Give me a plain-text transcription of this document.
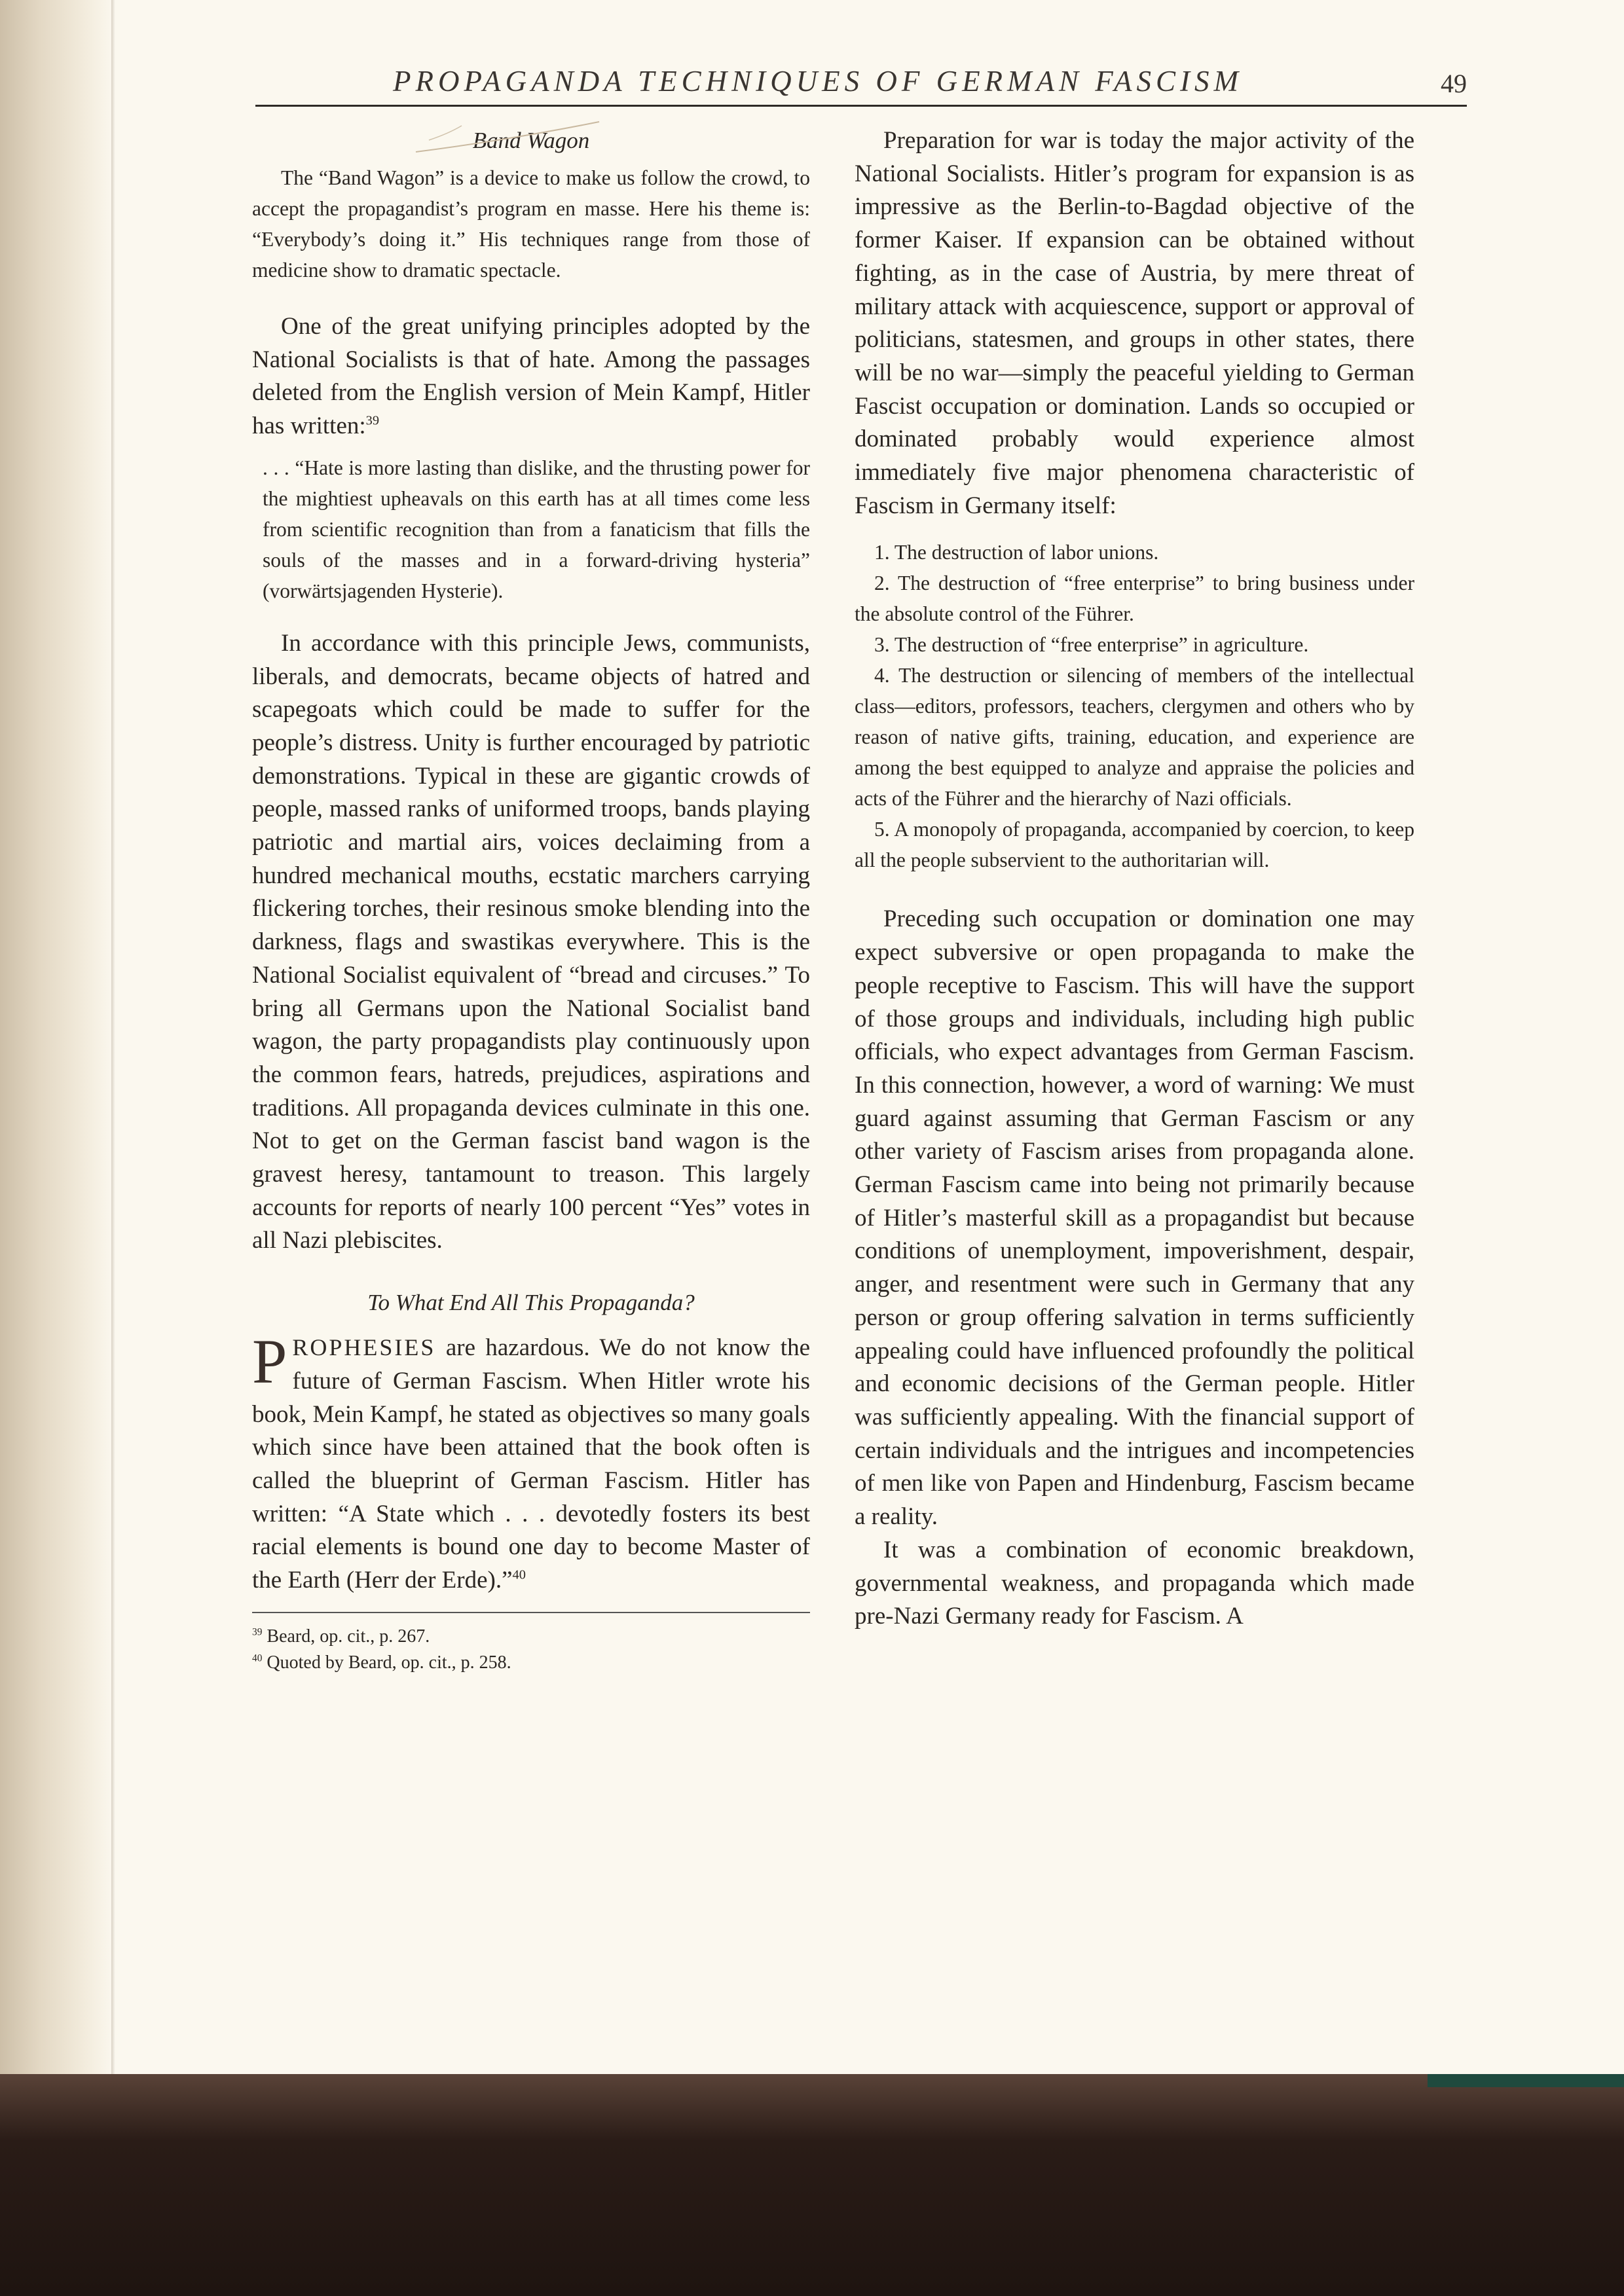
PROPAGANDA TECHNIQUES OF GERMAN FASCISM	49
Band Wagon

The “Band Wagon” is a device to make us follow the crowd, to accept the propagandist’s program en masse. Here his theme is: “Everybody’s doing it.” His techniques range from those of medicine show to dramatic spectacle.

One of the great unifying principles adopted by the National Socialists is that of hate. Among the passages deleted from the English version of Mein Kampf, Hitler has written:$^{39}$

. . . “Hate is more lasting than dislike, and the thrusting power for the mightiest upheavals on this earth has at all times come less from scientific recognition than from a fanaticism that fills the souls of the masses and in a forward-driving hysteria” (vorwärtsjagenden Hysterie).

In accordance with this principle Jews, communists, liberals, and democrats, became objects of hatred and scapegoats which could be made to suffer for the people’s distress. Unity is further encouraged by patriotic demonstrations. Typical in these are gigantic crowds of people, massed ranks of uniformed troops, bands playing patriotic and martial airs, voices declaiming from a hundred mechanical mouths, ecstatic marchers carrying flickering torches, their resinous smoke blending into the darkness, flags and swastikas everywhere. This is the National Socialist equivalent of “bread and circuses.” To bring all Germans upon the National Socialist band wagon, the party propagandists play continuously upon the common fears, hatreds, prejudices, aspirations and traditions. All propaganda devices culminate in this one. Not to get on the German fascist band wagon is the gravest heresy, tantamount to treason. This largely accounts for reports of nearly 100 percent “Yes” votes in all Nazi plebiscites.

To What End All This Propaganda?

PROPHESIES are hazardous. We do not know the future of German Fascism. When Hitler wrote his book, Mein Kampf, he stated as objectives so many goals which since have been attained that the book often is called the blueprint of German Fascism. Hitler has written: “A State which . . . devotedly fosters its best racial elements is bound one day to become Master of the Earth (Herr der Erde).”$^{40}$

$^{39}$ Beard, op. cit., p. 267.

$^{40}$ Quoted by Beard, op. cit., p. 258.

Preparation for war is today the major activity of the National Socialists. Hitler’s program for expansion is as impressive as the Berlin-to-Bagdad objective of the former Kaiser. If expansion can be obtained without fighting, as in the case of Austria, by mere threat of military attack with acquiescence, support or approval of politicians, statesmen, and groups in other states, there will be no war—simply the peaceful yielding to German Fascist occupation or domination. Lands so occupied or dominated probably would experience almost immediately five major phenomena characteristic of Fascism in Germany itself:

1. The destruction of labor unions.

2. The destruction of “free enterprise” to bring business under the absolute control of the Führer.

3. The destruction of “free enterprise” in agriculture.

4. The destruction or silencing of members of the intellectual class—editors, professors, teachers, clergymen and others who by reason of native gifts, training, education, and experience are among the best equipped to analyze and appraise the policies and acts of the Führer and the hierarchy of Nazi officials.

5. A monopoly of propaganda, accompanied by coercion, to keep all the people subservient to the authoritarian will.

Preceding such occupation or domination one may expect subversive or open propaganda to make the people receptive to Fascism. This will have the support of those groups and individuals, including high public officials, who expect advantages from German Fascism. In this connection, however, a word of warning: We must guard against assuming that German Fascism or any other variety of Fascism arises from propaganda alone. German Fascism came into being not primarily because of Hitler’s masterful skill as a propagandist but because conditions of unemployment, impoverishment, despair, anger, and resentment were such in Germany that any person or group offering salvation in terms sufficiently appealing could have influenced profoundly the political and economic decisions of the German people. Hitler was sufficiently appealing. With the financial support of certain individuals and the intrigues and incompetencies of men like von Papen and Hindenburg, Fascism became a reality.

It was a combination of economic breakdown, governmental weakness, and propaganda which made pre-Nazi Germany ready for Fascism. A
